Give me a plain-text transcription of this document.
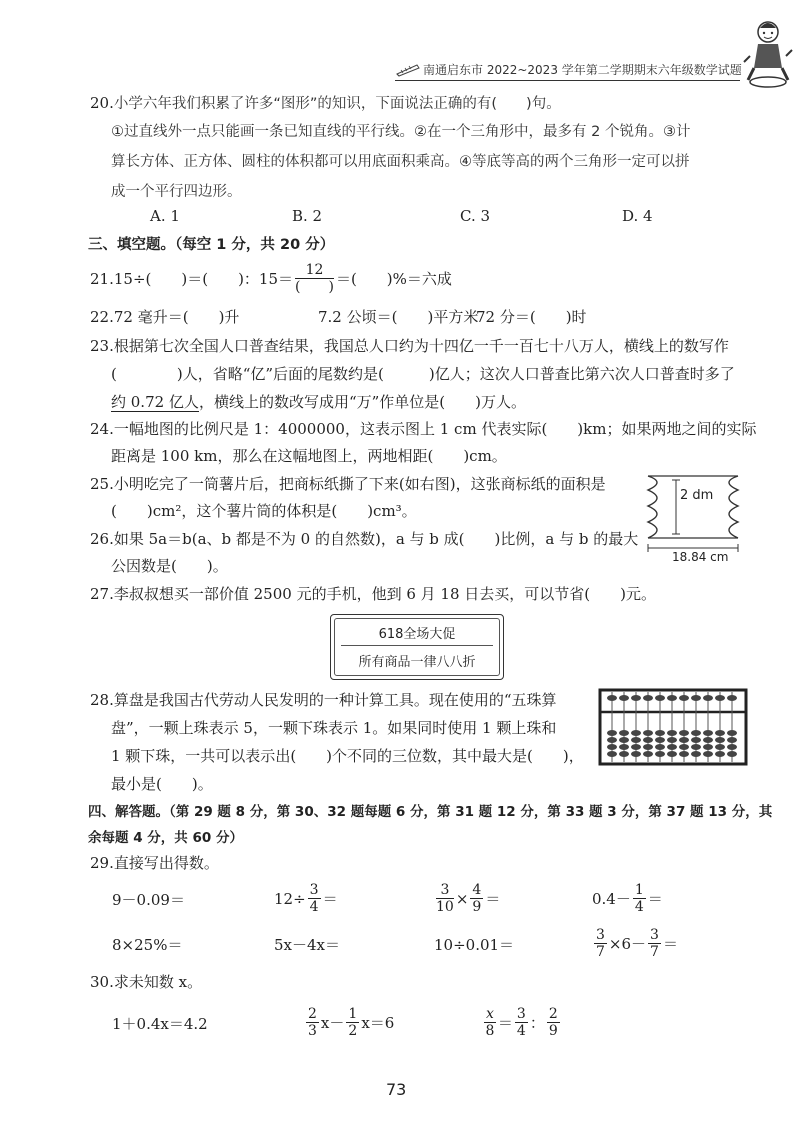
南通启东市 2022~2023 学年第二学期期末六年级数学试题
20.小学六年我们积累了许多“图形”的知识，下面说法正确的有(　　)句。
①过直线外一点只能画一条已知直线的平行线。②在一个三角形中，最多有 2 个锐角。③计
算长方体、正方体、圆柱的体积都可以用底面积乘高。④等底等高的两个三角形一定可以拼
成一个平行四边形。
A. 1	B. 2	C. 3	D. 4
三、填空题。（每空 1 分，共 20 分）
21. 15÷(　　)＝(　　)：$15= \frac{12}{( )}$ ＝(　　)%＝六成
22.72 毫升＝(　　)升	7.2 公顷＝(　　)平方米
72 分＝(　　)时
23.根据第七次全国人口普查结果，我国总人口约为十四亿一千一百七十八万人，横线上的数写作
(　　　　)人，省略“亿”后面的尾数约是(　　　)亿人；这次人口普查比第六次人口普查时多了
约 0.72 亿人，横线上的数改写成用“万”作单位是(　　)万人。
24.一幅地图的比例尺是 1：4000000，这表示图上 1 cm 代表实际(　　)km；如果两地之间的实际
距离是 100 km，那么在这幅地图上，两地相距(　　)cm。
25.小明吃完了一筒薯片后，把商标纸撕了下来(如右图)，这张商标纸的面积是
(　　)cm²，这个薯片筒的体积是(　　)cm³。
2 dm
18.84 cm
26.如果 5a＝b(a、b 都是不为 0 的自然数)，a 与 b 成(　　)比例，a 与 b 的最大
公因数是(　　)。
27.李叔叔想买一部价值 2500 元的手机，他到 6 月 18 日去买，可以节省(　　)元。
618全场大促
所有商品一律八八折
28.算盘是我国古代劳动人民发明的一种计算工具。现在使用的“五珠算
盘”，一颗上珠表示 5，一颗下珠表示 1。如果同时使用 1 颗上珠和
1 颗下珠，一共可以表示出(　　)个不同的三位数，其中最大是(　　)，
最小是(　　)。
四、解答题。（第 29 题 8 分，第 30、32 题每题 6 分，第 31 题 12 分，第 33 题 3 分，第 37 题 13 分，其
余每题 4 分，共 60 分）
29.直接写出得数。
9－0.09＝	$12\div \frac{3}{4}$ ＝	$\frac{3}{10} \times \frac{4}{9}$ ＝	$0.4- \frac{1}{4}$ ＝
8×25%＝	5x－4x＝	10÷0.01＝	$\frac{3}{7} \times 6- \frac{3}{7}$ ＝
30.求未知数 x。
1＋0.4x＝4.2	$\frac{2}{3} x- \frac{1}{2} x=6$	$\frac{x}{8} = \frac{3}{4}$ ： $\frac{2}{9}$
73
